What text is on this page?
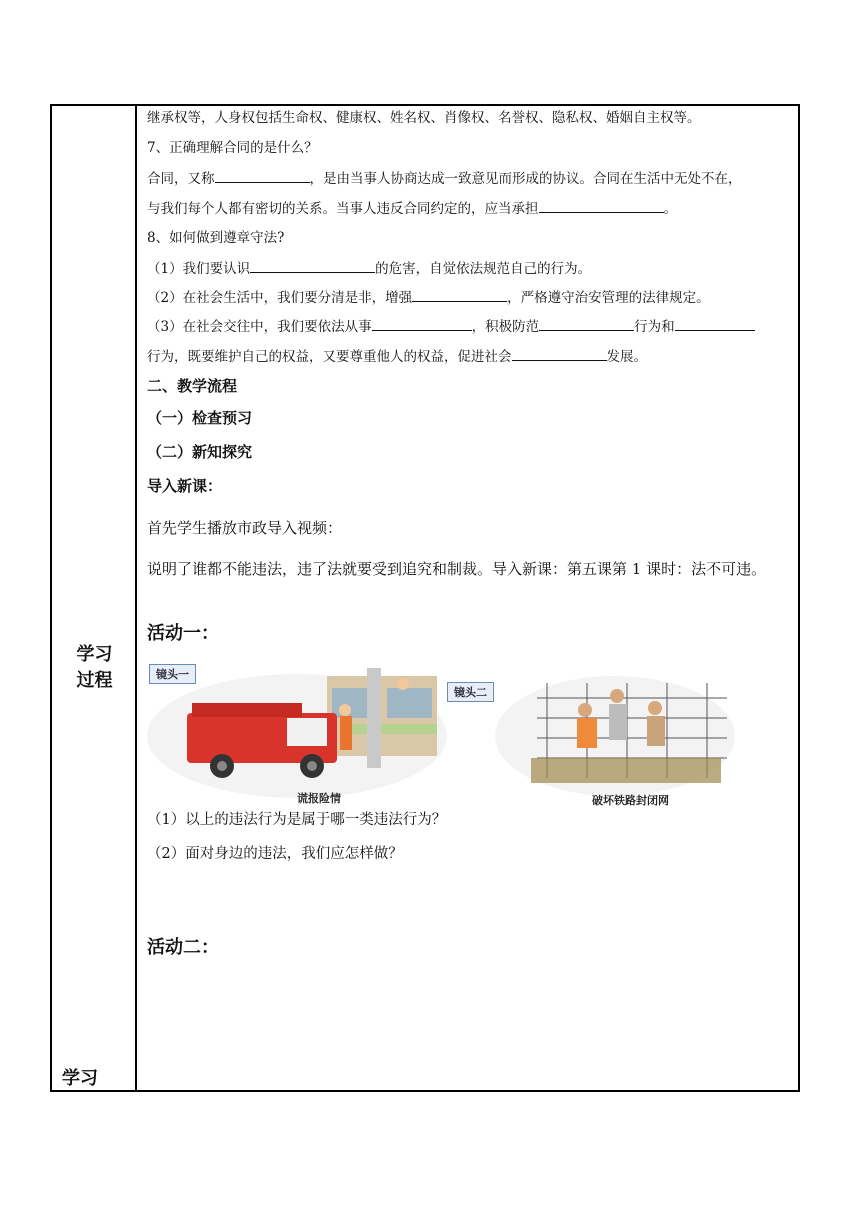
学习
过程
学习
继承权等，人身权包括生命权、健康权、姓名权、肖像权、名誉权、隐私权、婚姻自主权等。
7、正确理解合同的是什么？
合同，又称	，是由当事人协商达成一致意见而形成的协议。合同在生活中无处不在，
与我们每个人都有密切的关系。当事人违反合同约定的，应当承担	。
8、如何做到遵章守法?
（1）我们要认识	的危害，自觉依法规范自己的行为。
（2）在社会生活中，我们要分清是非，增强	，严格遵守治安管理的法律规定。
（3）在社会交往中，我们要依法从事	，积极防范	行为和
行为，既要维护自己的权益，又要尊重他人的权益，促进社会	发展。
二、教学流程
（一）检查预习
（二）新知探究
导入新课：
首先学生播放市政导入视频：
说明了谁都不能违法，违了法就要受到追究和制裁。导入新课：第五课第 1 课时：法不可违。
活动一：
镜头一
镜头二
谎报险情	破坏铁路封闭网
（1）以上的违法行为是属于哪一类违法行为？
（2）面对身边的违法，我们应怎样做？
活动二：
